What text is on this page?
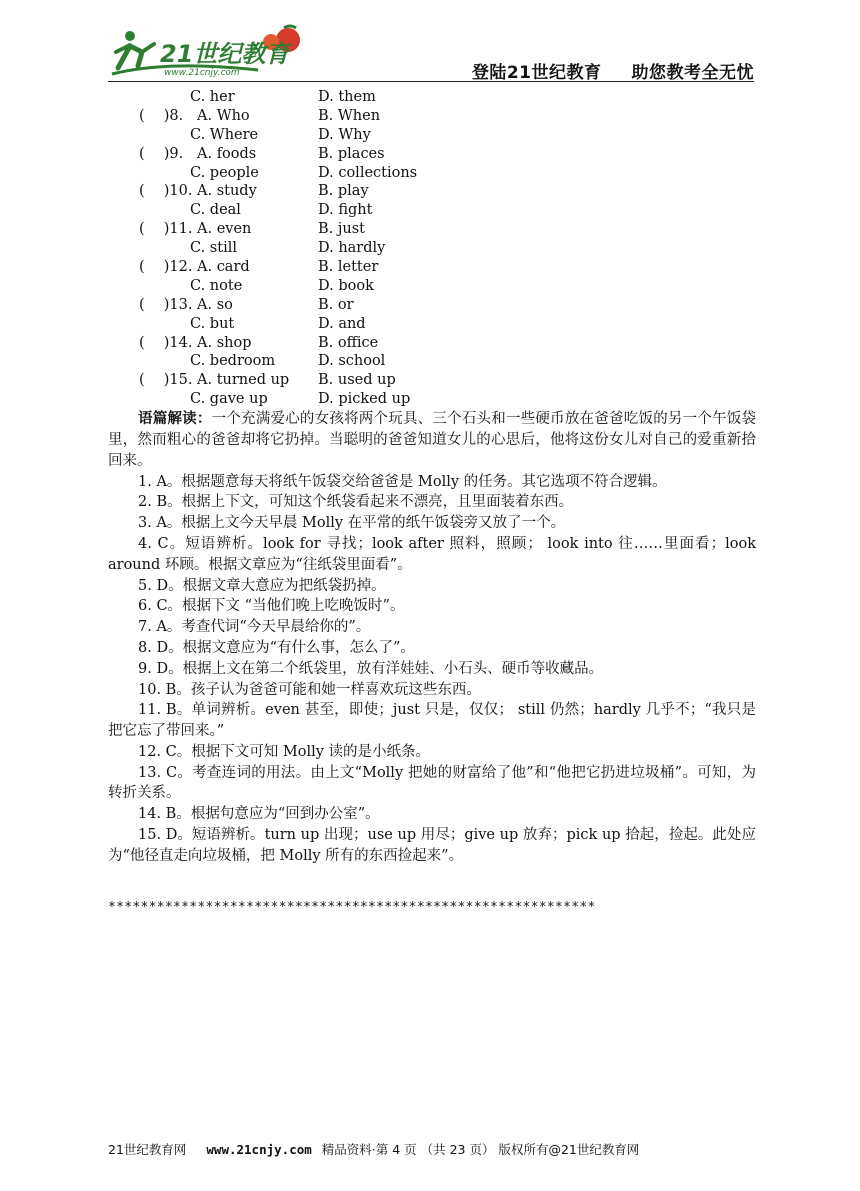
21世纪教育
www.21cnjy.com	登陆21世纪教育 助您教考全无忧
C. her	D. them
(　 )8. A. Who	B. When
C. Where	D. Why
(　 )9. A. foods	B. places
C. people	D. collections
(　 )10. A. study	B. play
C. deal	D. fight
(　 )11. A. even	B. just
C. still	D. hardly
(　 )12. A. card	B. letter
C. note	D. book
(　 )13. A. so	B. or
C. but	D. and
(　 )14. A. shop	B. office
C. bedroom	D. school
(　 )15. A. turned up B. used up
C. gave up	D. picked up

语篇解读：一个充满爱心的女孩将两个玩具、三个石头和一些硬币放在爸爸吃饭的另一个午饭袋里，然而粗心的爸爸却将它扔掉。当聪明的爸爸知道女儿的心思后，他将这份女儿对自己的爱重新拾回来。

1. A。根据题意每天将纸午饭袋交给爸爸是 Molly 的任务。其它选项不符合逻辑。

2. B。根据上下文，可知这个纸袋看起来不漂亮，且里面装着东西。

3. A。根据上文今天早晨 Molly 在平常的纸午饭袋旁又放了一个。

4. C。短语辨析。look for 寻找；look after 照料，照顾； look into 往……里面看；look around 环顾。根据文章应为“往纸袋里面看”。

5. D。根据文章大意应为把纸袋扔掉。

6. C。根据下文 “当他们晚上吃晚饭时”。

7. A。考查代词“今天早晨给你的”。

8. D。根据文意应为“有什么事，怎么了”。

9. D。根据上文在第二个纸袋里，放有洋娃娃、小石头、硬币等收藏品。

10. B。孩子认为爸爸可能和她一样喜欢玩这些东西。

11. B。单词辨析。even 甚至，即使；just 只是，仅仅； still 仍然；hardly 几乎不；“我只是把它忘了带回来。”

12. C。根据下文可知 Molly 读的是小纸条。

13. C。考查连词的用法。由上文“Molly 把她的财富给了他”和“他把它扔进垃圾桶”。可知，为转折关系。

14. B。根据句意应为“回到办公室”。

15. D。短语辨析。turn up 出现；use up 用尽；give up 放弃；pick up 拾起，捡起。此处应为“他径直走向垃圾桶，把 Molly 所有的东西捡起来”。

************************************************************
21世纪教育网 www.21cnjy.com 精品资料·第 4 页 （共 23 页） 版权所有@21世纪教育网
